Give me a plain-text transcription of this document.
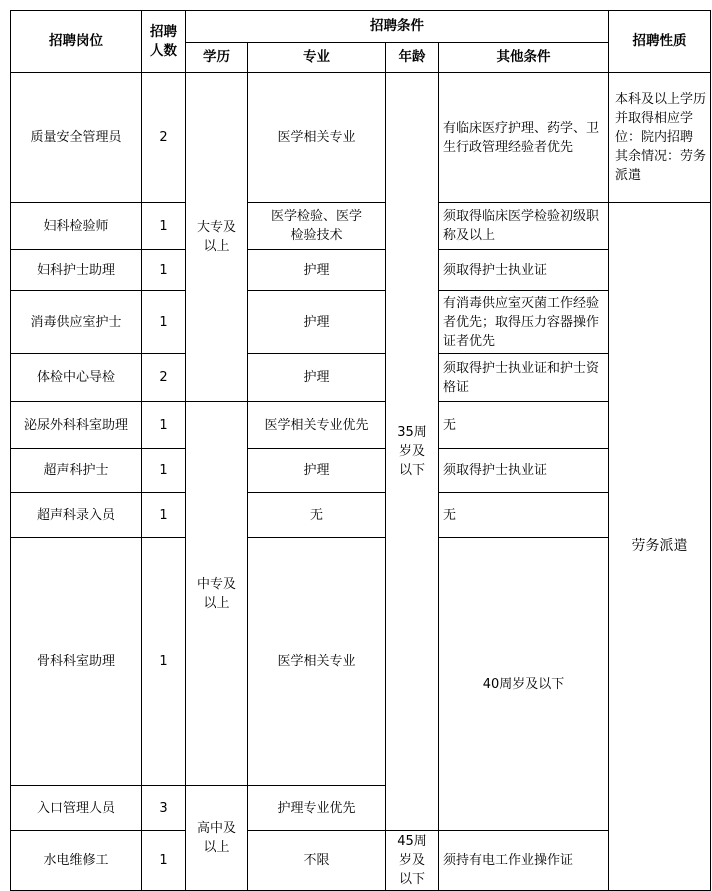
招聘岗位	招聘人数	招聘条件				招聘性质	
		学历	专业	年龄	其他条件		
质量安全管理员	2	大专及以上	医学相关专业	35周岁及以下	有临床医疗护理、药学、卫生行政管理经验者优先	本科及以上学历并取得相应学位：院内招聘 其余情况：劳务派遣	
妇科检验师	1		医学检验、医学检验技术		须取得临床医学检验初级职称及以上	劳务派遣	
妇科护士助理	1		护理		须取得护士执业证		
消毒供应室护士	1		护理		有消毒供应室灭菌工作经验者优先；取得压力容器操作证者优先		
体检中心导检	2		护理		须取得护士执业证和护士资格证		
泌尿外科科室助理	1	中专及以上	医学相关专业优先		无		
超声科护士	1		护理		须取得护士执业证		
超声科录入员	1		无		无		
骨科科室助理	1		医学相关专业		40周岁及以下	
入口管理人员	3	高中及以上	护理专业优先	
水电维修工	1		不限	45周岁及以下	须持有电工作业操作证		
